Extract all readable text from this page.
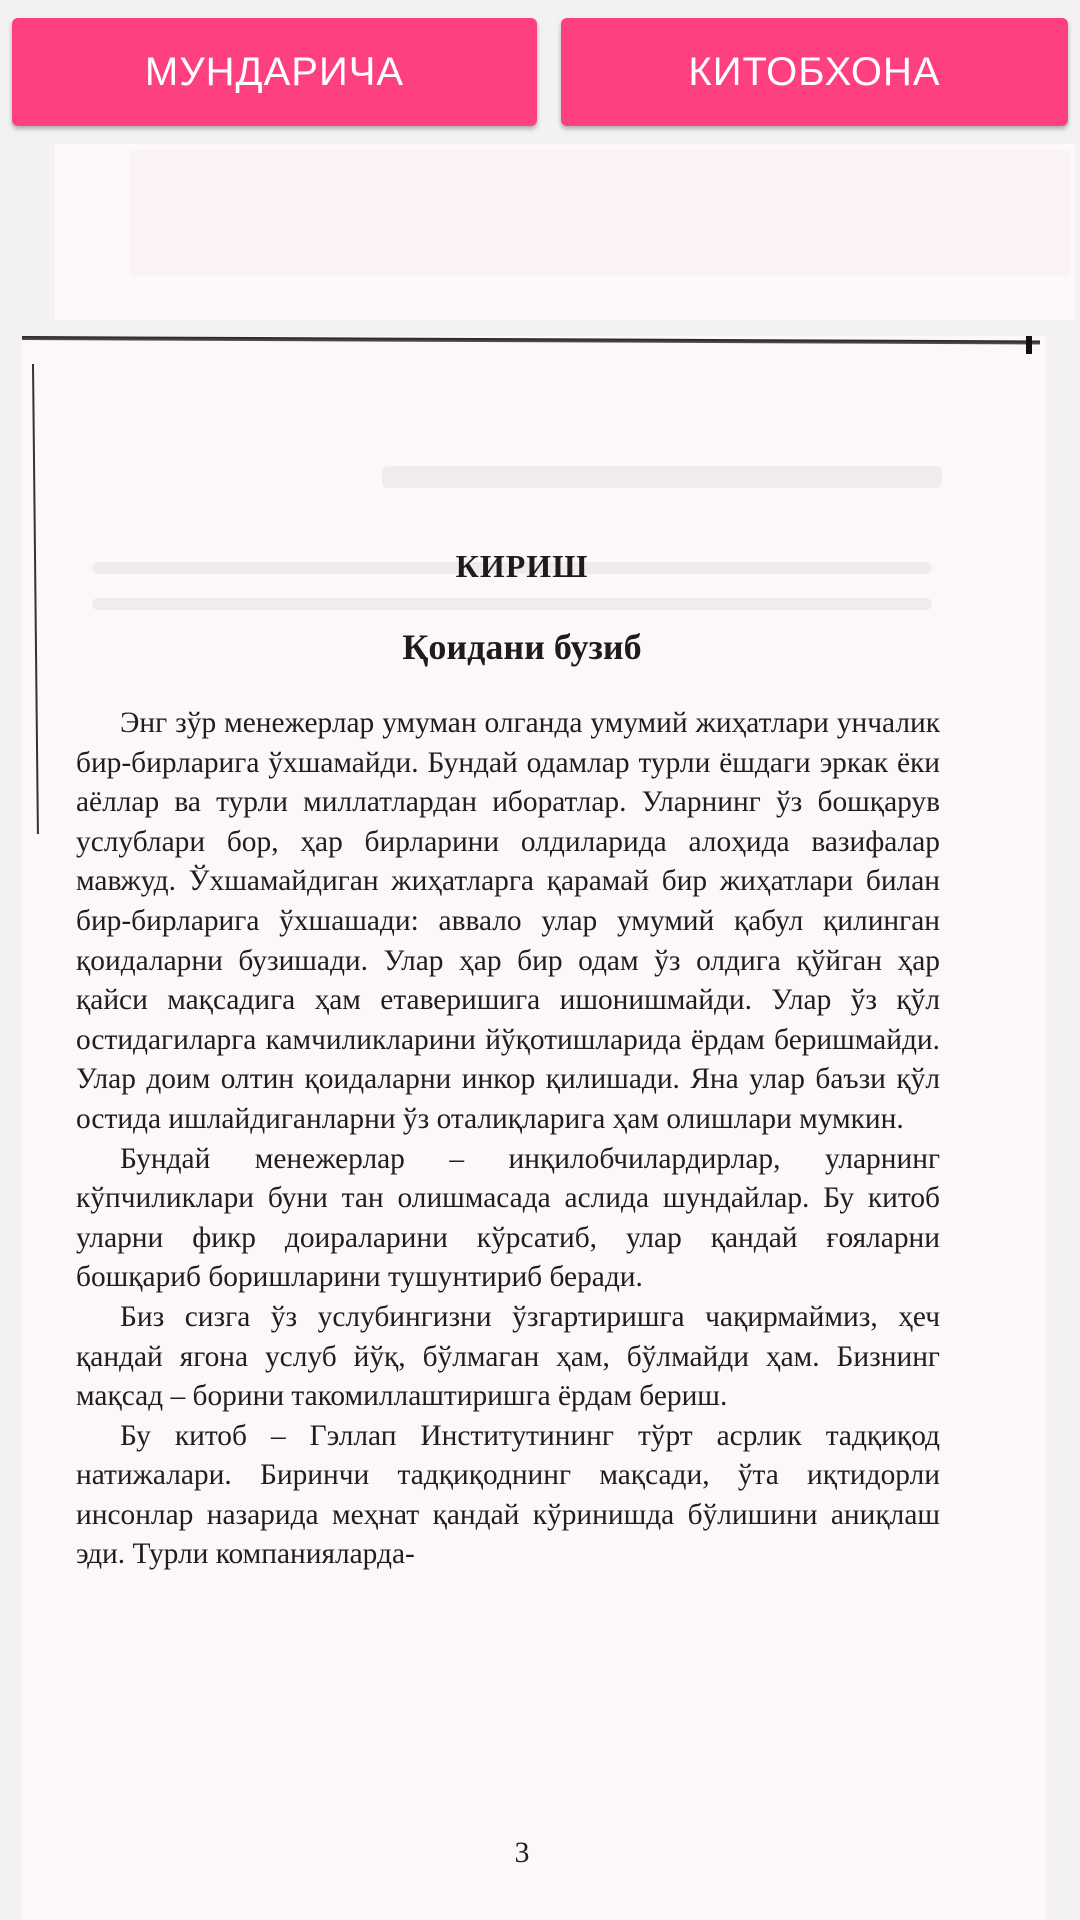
МУНДАРИЧА	КИТОБХОНА
КИРИШ
Қоидани бузиб

Энг зўр менежерлар умуман олганда умумий жиҳатлари унчалик бир-бирларига ўхшамайди. Бундай одамлар турли ёшдаги эркак ёки аёллар ва турли миллатлардан иборатлар. Уларнинг ўз бошқарув услублари бор, ҳар бирларини олдиларида алоҳида вазифалар мавжуд. Ўхшамайдиган жиҳатларга қарамай бир жиҳатлари билан бир-бирларига ўхшашади: аввало улар умумий қабул қилинган қоидаларни бузишади. Улар ҳар бир одам ўз олдига қўйган ҳар қайси мақсадига ҳам етаверишига ишонишмайди. Улар ўз қўл остидагиларга камчиликларини йўқотишларида ёрдам беришмайди. Улар доим олтин қоидаларни инкор қилишади. Яна улар баъзи қўл остида ишлайдиганларни ўз оталиқларига ҳам олишлари мумкин.

Бундай менежерлар – инқилобчилардирлар, уларнинг кўпчиликлари буни тан олишмасада аслида шундайлар. Бу китоб уларни фикр доираларини кўрсатиб, улар қандай ғояларни бошқариб боришларини тушунтириб беради.

Биз сизга ўз услубингизни ўзгартиришга чақирмаймиз, ҳеч қандай ягона услуб йўқ, бўлмаган ҳам, бўлмайди ҳам. Бизнинг мақсад – борини такомиллаштиришга ёрдам бериш.

Бу китоб – Гэллап Институтининг тўрт асрлик тадқиқод натижалари. Биринчи тадқиқоднинг мақсади, ўта иқтидорли инсонлар назарида меҳнат қандай кўринишда бўлишини аниқлаш эди. Турли компанияларда-

3
